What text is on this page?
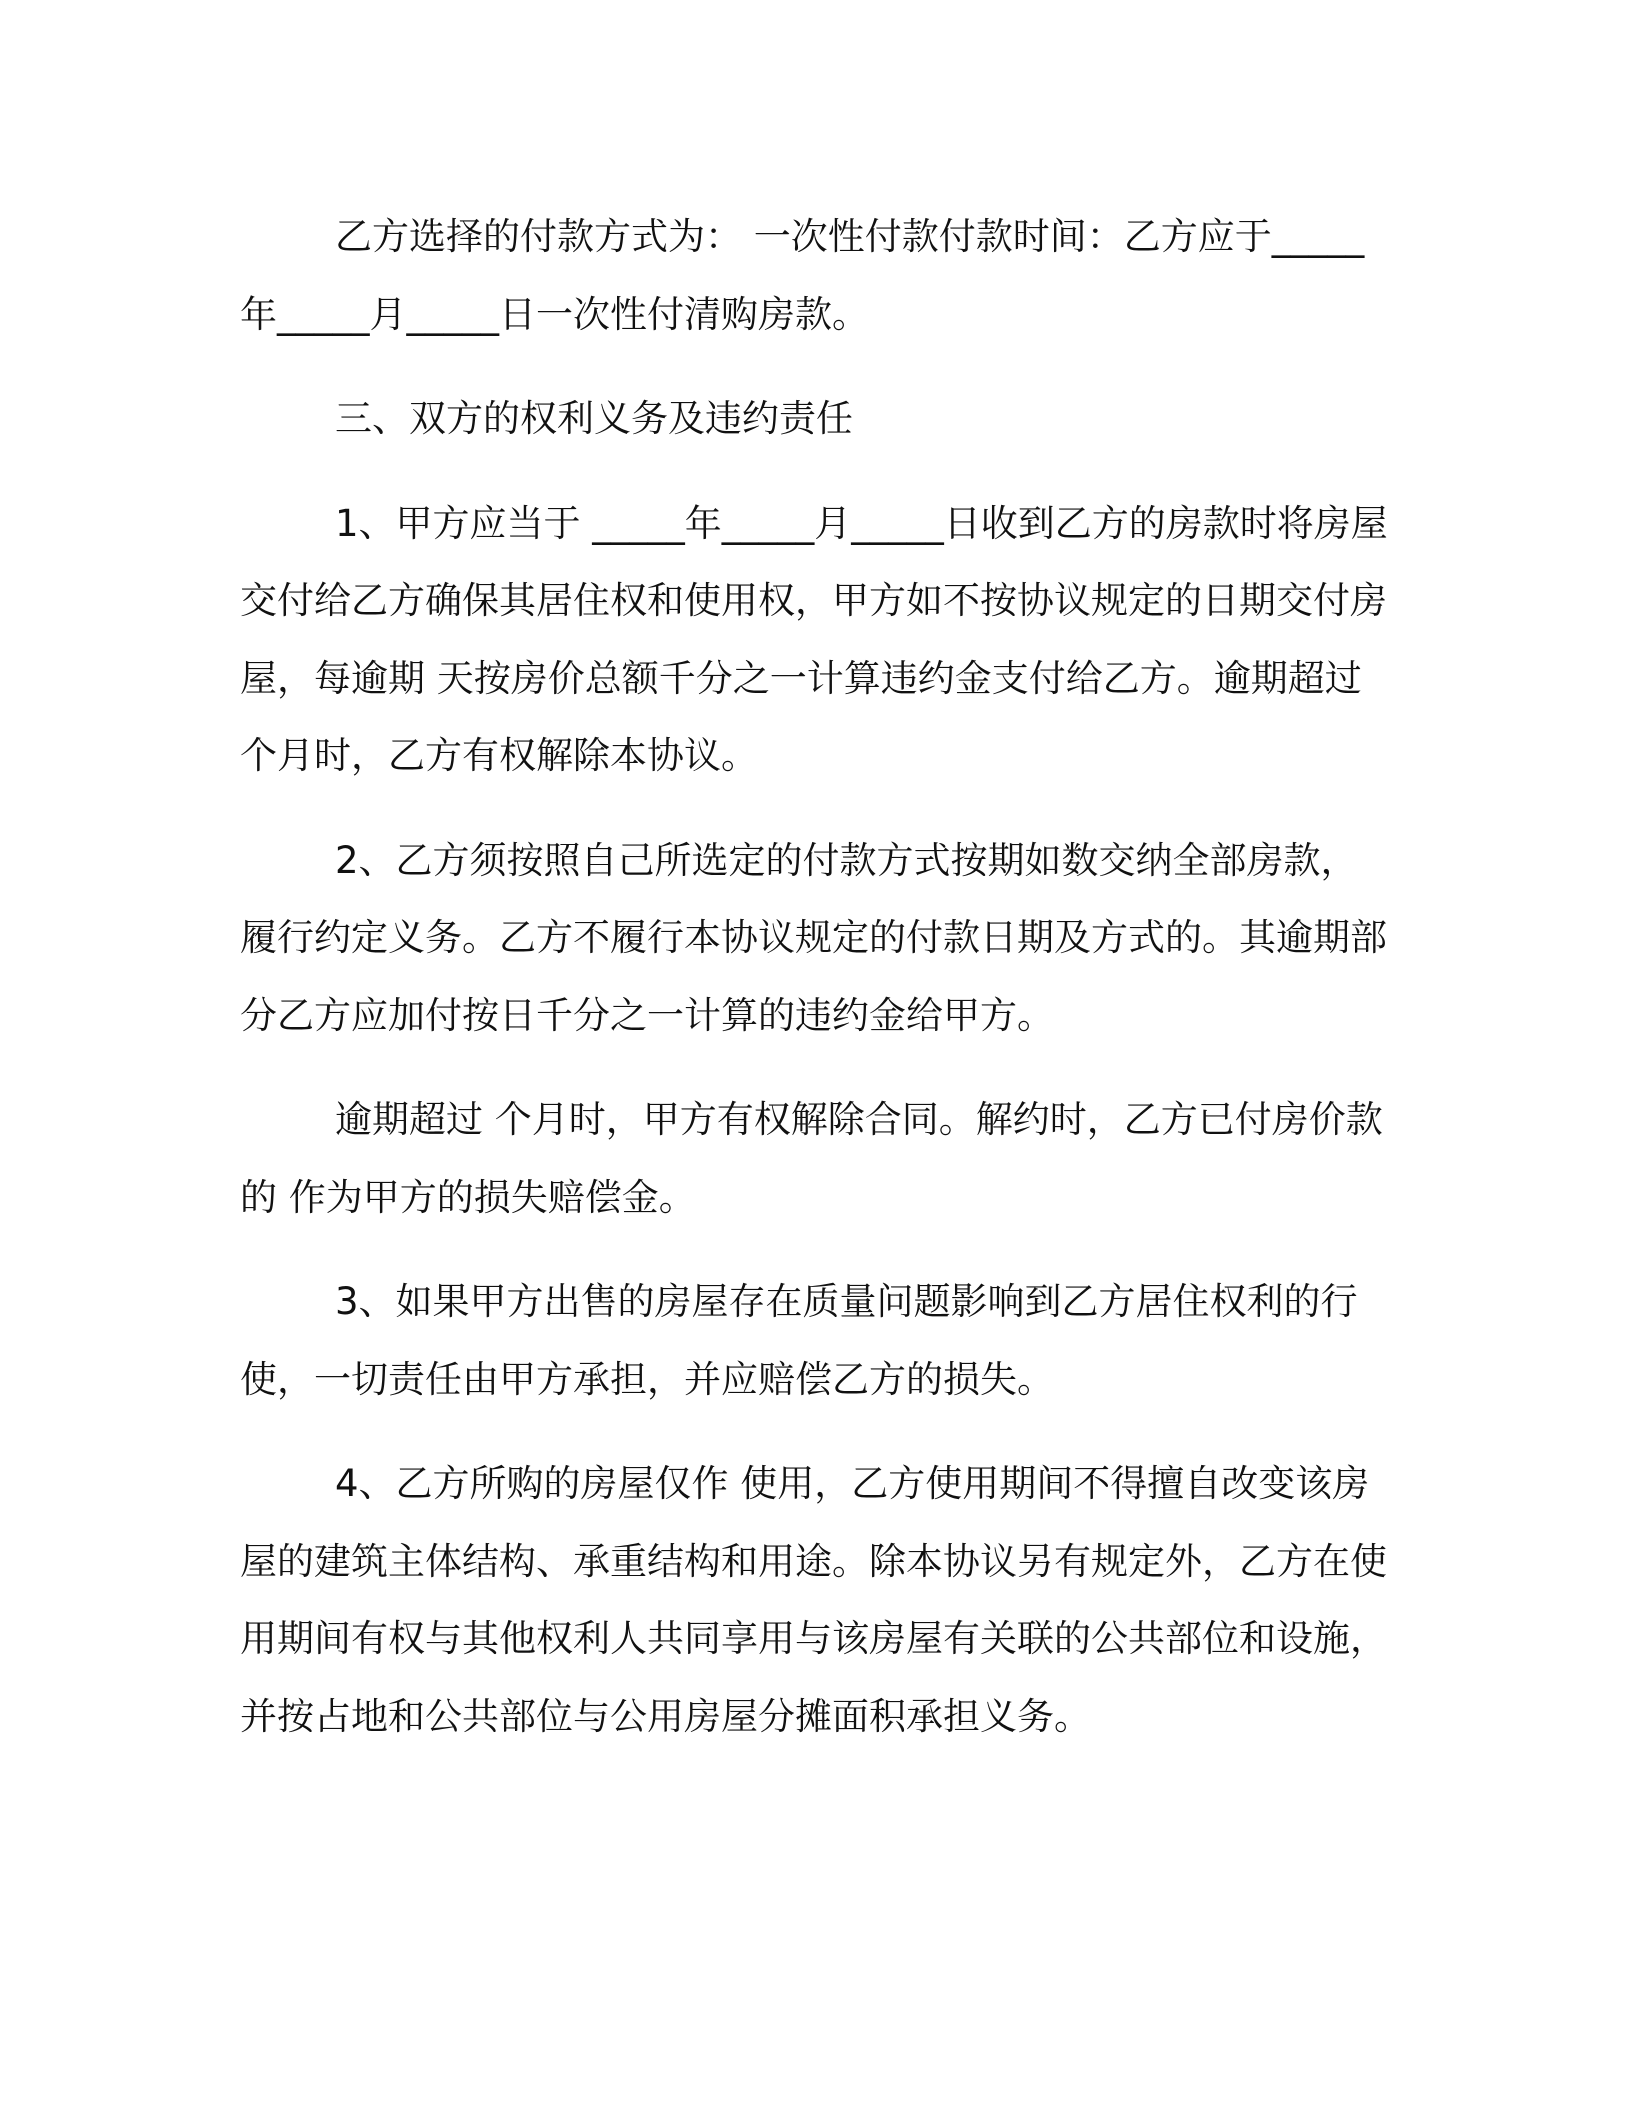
乙方选择的付款方式为： 一次性付款付款时间：乙方应于_____年_____月_____日一次性付清购房款。

三、双方的权利义务及违约责任

1、甲方应当于 _____年_____月_____日收到乙方的房款时将房屋交付给乙方确保其居住权和使用权，甲方如不按协议规定的日期交付房屋，每逾期 天按房价总额千分之一计算违约金支付给乙方。逾期超过 个月时，乙方有权解除本协议。

2、乙方须按照自己所选定的付款方式按期如数交纳全部房款，履行约定义务。乙方不履行本协议规定的付款日期及方式的。其逾期部分乙方应加付按日千分之一计算的违约金给甲方。

逾期超过 个月时，甲方有权解除合同。解约时，乙方已付房价款的 作为甲方的损失赔偿金。

3、如果甲方出售的房屋存在质量问题影响到乙方居住权利的行使，一切责任由甲方承担，并应赔偿乙方的损失。

4、乙方所购的房屋仅作 使用，乙方使用期间不得擅自改变该房屋的建筑主体结构、承重结构和用途。除本协议另有规定外，乙方在使用期间有权与其他权利人共同享用与该房屋有关联的公共部位和设施，并按占地和公共部位与公用房屋分摊面积承担义务。
